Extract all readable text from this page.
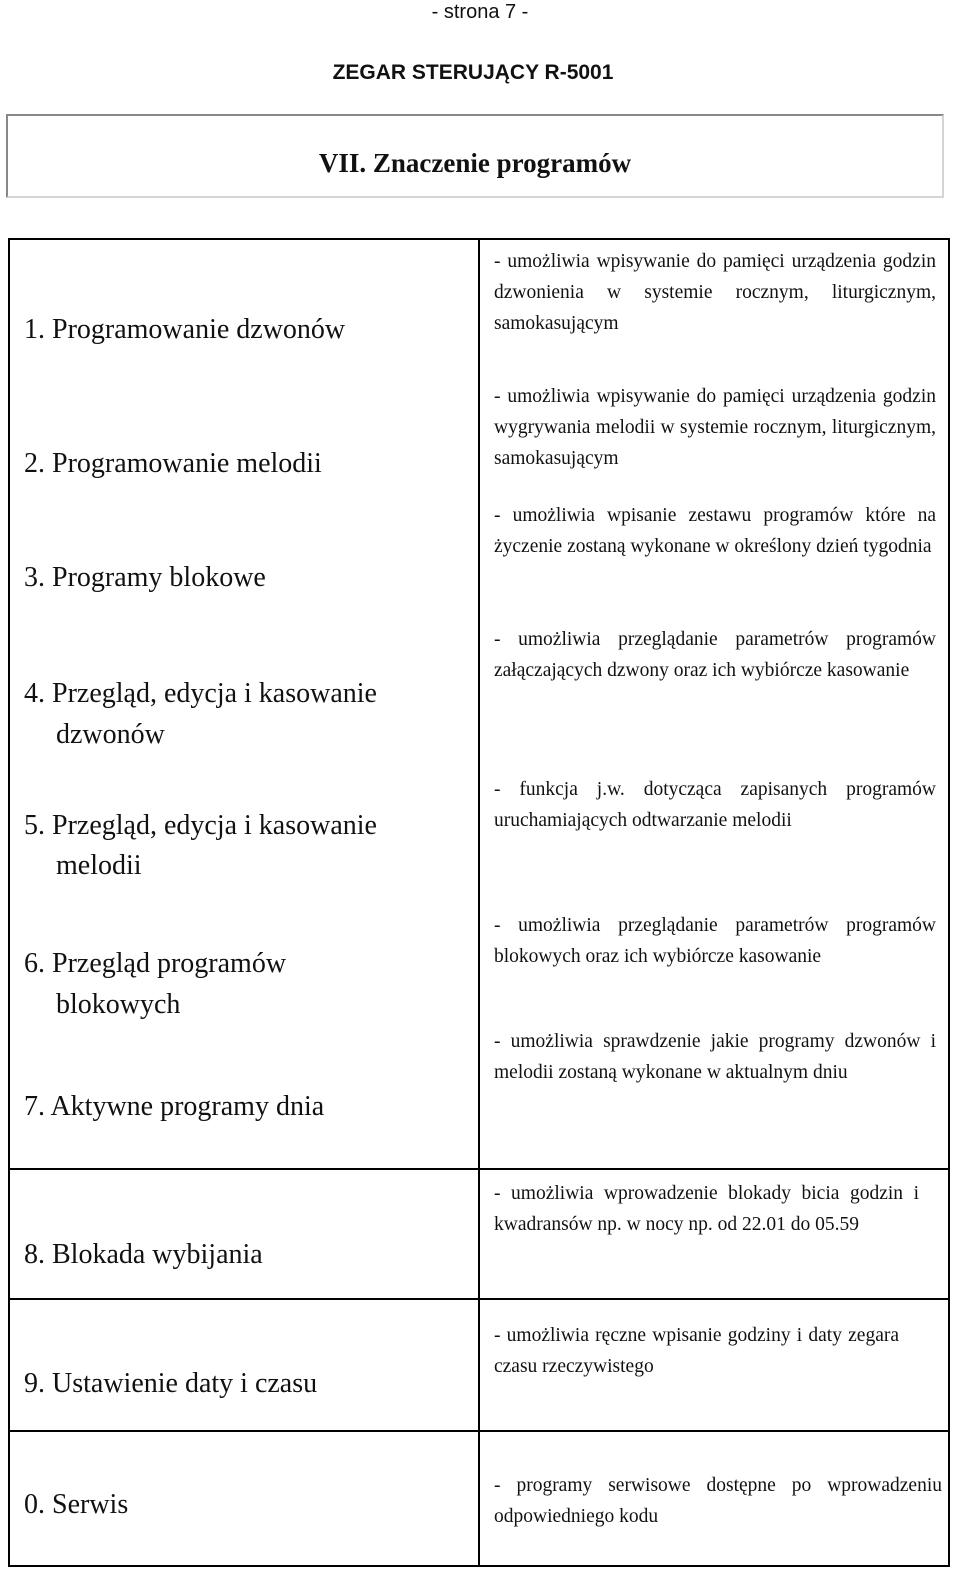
- strona 7 -
ZEGAR STERUJĄCY R-5001
VII. Znaczenie programów
1. Programowanie dzwonów
- umożliwia wpisywanie do pamięci urządzenia godzin dzwonienia w systemie rocznym, liturgicznym, samokasującym
2. Programowanie melodii
- umożliwia wpisywanie do pamięci urządzenia godzin wygrywania melodii w systemie rocznym, liturgicznym, samokasującym
3. Programy blokowe
- umożliwia wpisanie zestawu programów które na życzenie zostaną wykonane w określony dzień tygodnia
4. Przegląd, edycja i kasowanie
dzwonów
- umożliwia przeglądanie parametrów programów załączających dzwony oraz ich wybiórcze kasowanie
5. Przegląd, edycja i kasowanie
melodii
- funkcja j.w. dotycząca zapisanych programów uruchamiających odtwarzanie melodii
6. Przegląd programów
blokowych
- umożliwia przeglądanie parametrów programów blokowych oraz ich wybiórcze kasowanie
7. Aktywne programy dnia
- umożliwia sprawdzenie jakie programy dzwonów i melodii zostaną wykonane w aktualnym dniu
8. Blokada wybijania
- umożliwia wprowadzenie blokady bicia godzin i kwadransów np. w nocy np. od 22.01 do 05.59
9. Ustawienie daty i czasu
- umożliwia ręczne wpisanie godziny i daty zegara czasu rzeczywistego
0. Serwis
- programy serwisowe dostępne po wprowadzeniu odpowiedniego kodu
